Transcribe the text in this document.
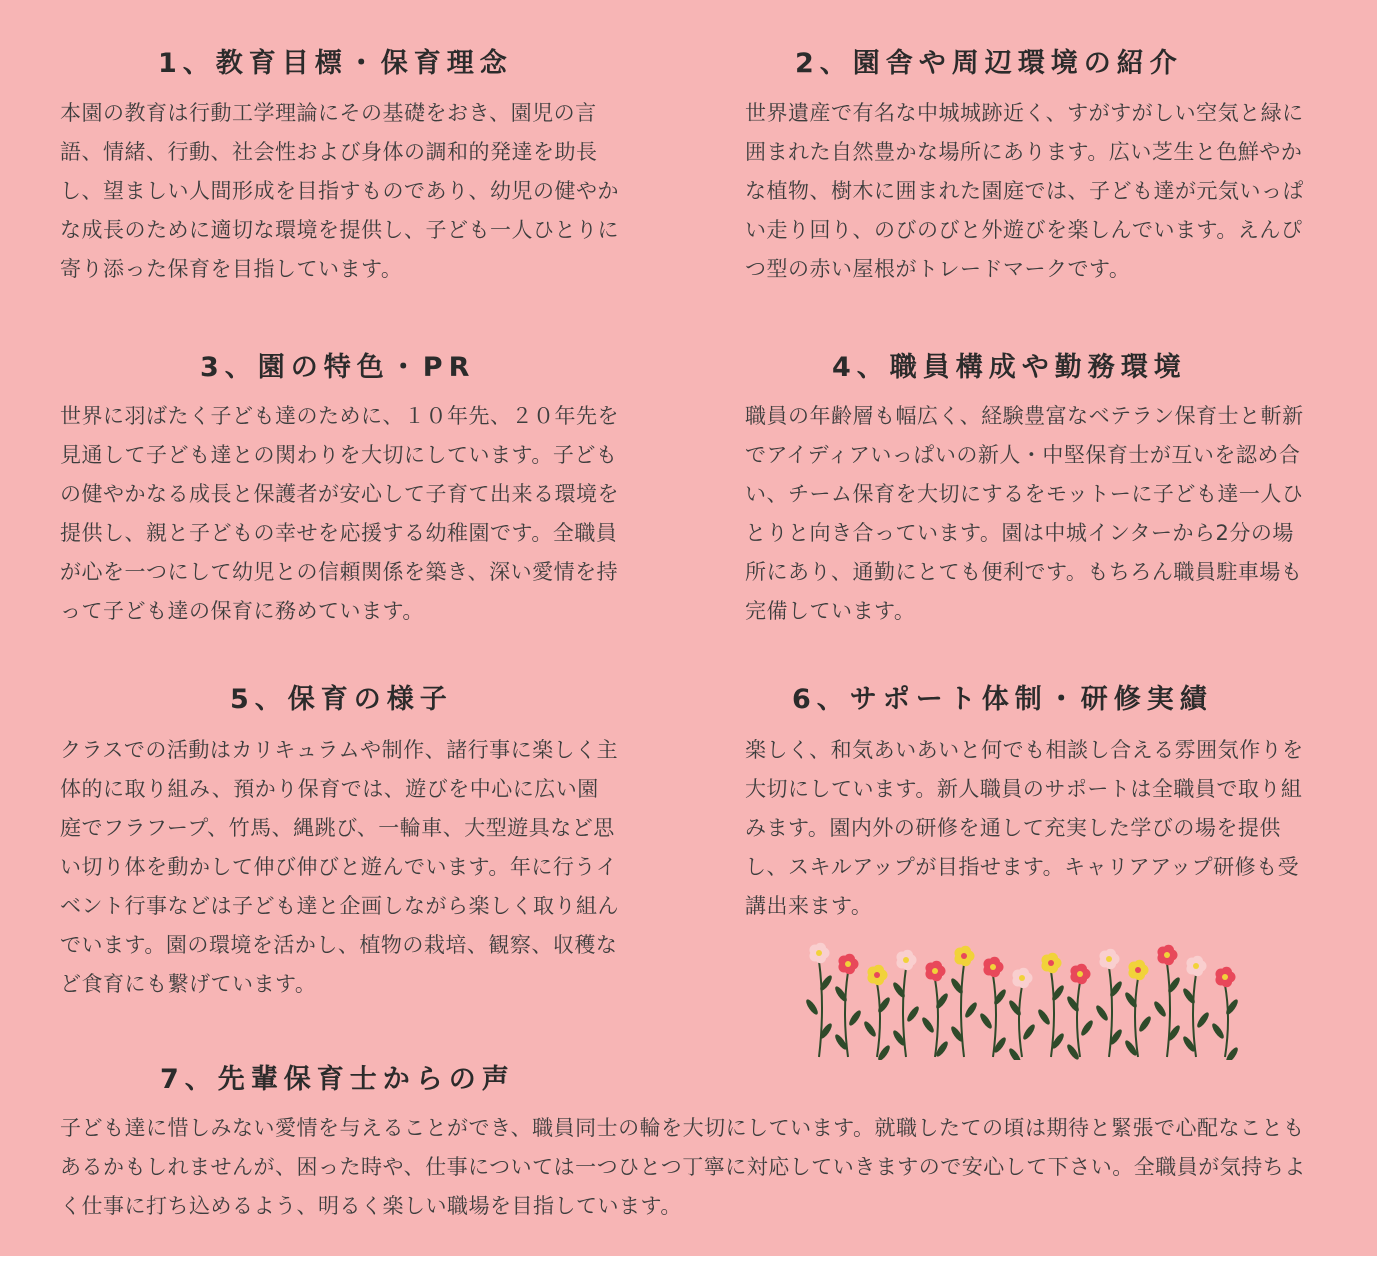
1、教育目標・保育理念

本園の教育は行動工学理論にその基礎をおき、園児の言語、情緒、行動、社会性および身体の調和的発達を助長し、望ましい人間形成を目指すものであり、幼児の健やかな成長のために適切な環境を提供し、子ども一人ひとりに寄り添った保育を目指しています。

2、園舎や周辺環境の紹介

世界遺産で有名な中城城跡近く、すがすがしい空気と緑に囲まれた自然豊かな場所にあります。広い芝生と色鮮やかな植物、樹木に囲まれた園庭では、子ども達が元気いっぱい走り回り、のびのびと外遊びを楽しんでいます。えんぴつ型の赤い屋根がトレードマークです。

3、園の特色・PR

世界に羽ばたく子ども達のために、１０年先、２０年先を見通して子ども達との関わりを大切にしています。子どもの健やかなる成長と保護者が安心して子育て出来る環境を提供し、親と子どもの幸せを応援する幼稚園です。全職員が心を一つにして幼児との信頼関係を築き、深い愛情を持って子ども達の保育に務めています。

4、職員構成や勤務環境

職員の年齢層も幅広く、経験豊富なベテラン保育士と斬新でアイディアいっぱいの新人・中堅保育士が互いを認め合い、チーム保育を大切にするをモットーに子ども達一人ひとりと向き合っています。園は中城インターから2分の場所にあり、通勤にとても便利です。もちろん職員駐車場も完備しています。

5、保育の様子

クラスでの活動はカリキュラムや制作、諸行事に楽しく主体的に取り組み、預かり保育では、遊びを中心に広い園庭でフラフープ、竹馬、縄跳び、一輪車、大型遊具など思い切り体を動かして伸び伸びと遊んでいます。年に行うイベント行事などは子ども達と企画しながら楽しく取り組んでいます。園の環境を活かし、植物の栽培、観察、収穫など食育にも繋げています。

6、サポート体制・研修実績

楽しく、和気あいあいと何でも相談し合える雰囲気作りを大切にしています。新人職員のサポートは全職員で取り組みます。園内外の研修を通して充実した学びの場を提供し、スキルアップが目指せます。キャリアアップ研修も受講出来ます。

7、先輩保育士からの声

子ども達に惜しみない愛情を与えることができ、職員同士の輪を大切にしています。就職したての頃は期待と緊張で心配なこともあるかもしれませんが、困った時や、仕事については一つひとつ丁寧に対応していきますので安心して下さい。全職員が気持ちよく仕事に打ち込めるよう、明るく楽しい職場を目指しています。
